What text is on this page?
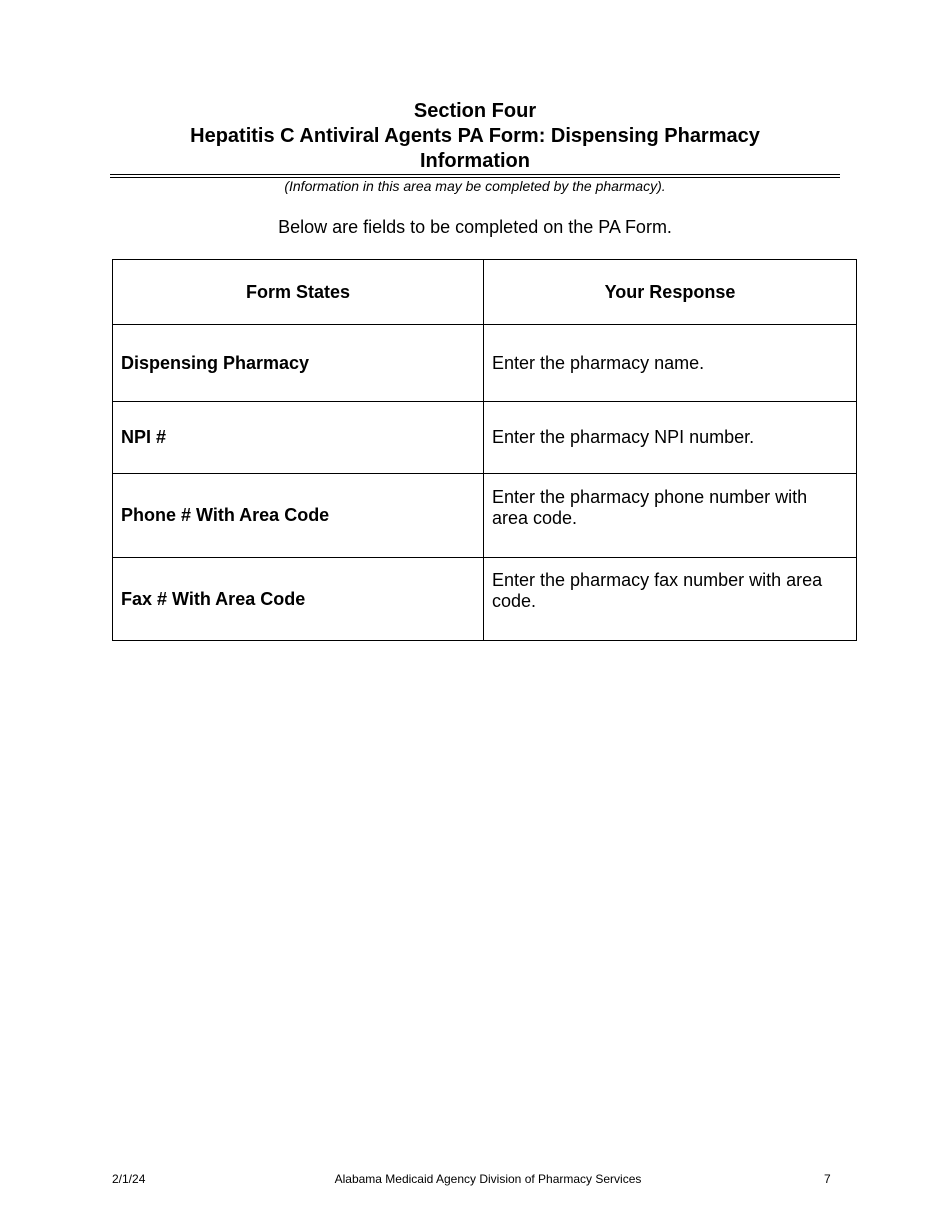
Section Four

Hepatitis C Antiviral Agents PA Form: Dispensing Pharmacy

Information

(Information in this area may be completed by the pharmacy).
Below are fields to be completed on the PA Form.
Form States	Your Response
Dispensing Pharmacy	Enter the pharmacy name.

NPI #	Enter the pharmacy NPI number.

Phone # With Area Code	Enter the pharmacy phone number with area code.

Fax # With Area Code	Enter the pharmacy fax number with area code.
2/1/24	Alabama Medicaid Agency Division of Pharmacy Services	7
